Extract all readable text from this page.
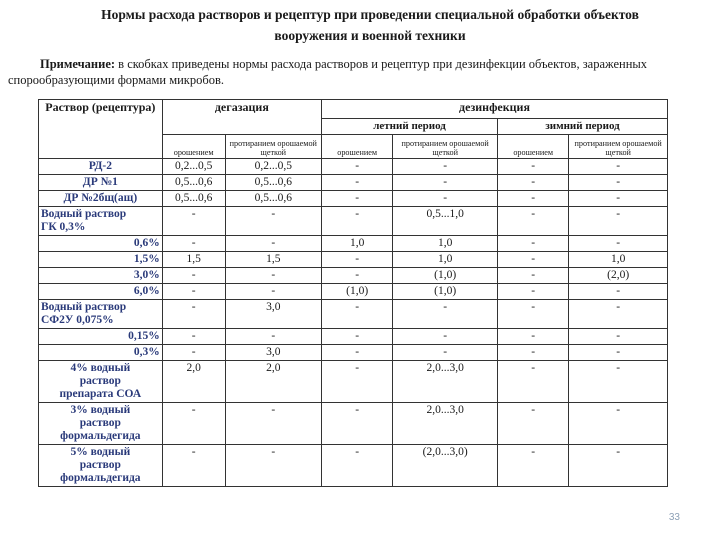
Нормы расхода растворов и рецептур при проведении специальной обработки объектов
вооружения и военной техники
Примечание: в скобках приведены нормы расхода растворов и рецептур при дезинфекции объектов, зараженных спорообразующими формами микробов.
Раствор (рецептура)	дегазация		дезинфекция			
			летний период		зимний период	
	орошением	протиранием орошаемой щеткой	орошением	протиранием орошаемой щеткой	орошением	протиранием орошаемой щеткой

РД-2	0,2...0,5	0,2...0,5	-	-	-	-

ДР №1	0,5...0,6	0,5...0,6	-	-	-	-

ДР №2бщ(ащ)	0,5...0,6	0,5...0,6	-	-	-	-

Водный раствор
ГК 0,3%	-	-	-	0,5...1,0	-	-

0,6%	-	-	1,0	1,0	-	-

1,5%	1,5	1,5	-	1,0	-	1,0

3,0%	-	-	-	(1,0)	-	(2,0)

6,0%	-	-	(1,0)	(1,0)	-	-

Водный раствор
СФ2У 0,075%	-	3,0	-	-	-	-

0,15%	-	-	-	-	-	-

0,3%	-	3,0	-	-	-	-

4% водный
раствор
препарата СОА	2,0	2,0	-	2,0...3,0	-	-

3% водный
раствор
формальдегида	-	-	-	2,0...3,0	-	-

5% водный
раствор
формальдегида	-	-	-	(2,0...3,0)	-	-
33
